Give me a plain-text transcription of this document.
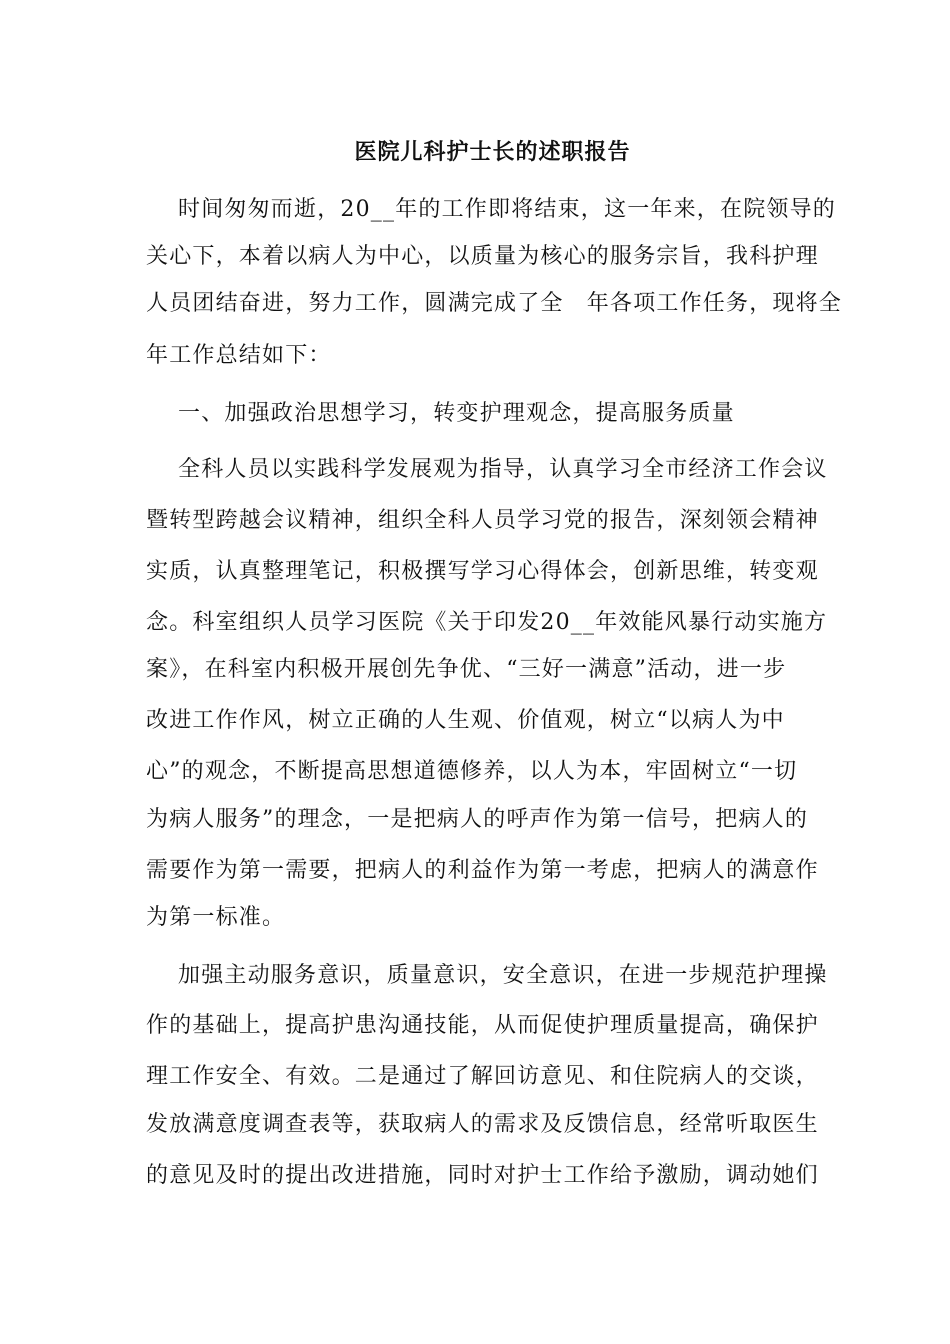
医院儿科护士长的述职报告
时间匆匆而逝，20__年的工作即将结束，这一年来，在院领导的
关心下，本着以病人为中心，以质量为核心的服务宗旨，我科护理
人员团结奋进，努力工作，圆满完成了全　年各项工作任务，现将全
年工作总结如下：
一、加强政治思想学习，转变护理观念，提高服务质量
全科人员以实践科学发展观为指导，认真学习全市经济工作会议
暨转型跨越会议精神，组织全科人员学习党的报告，深刻领会精神
实质，认真整理笔记，积极撰写学习心得体会，创新思维，转变观
念。科室组织人员学习医院《关于印发20__年效能风暴行动实施方
案》，在科室内积极开展创先争优、“三好一满意”活动，进一步
改进工作作风，树立正确的人生观、价值观，树立“以病人为中
心”的观念，不断提高思想道德修养，以人为本，牢固树立“一切
为病人服务”的理念，一是把病人的呼声作为第一信号，把病人的
需要作为第一需要，把病人的利益作为第一考虑，把病人的满意作
为第一标准。
加强主动服务意识，质量意识，安全意识，在进一步规范护理操
作的基础上，提高护患沟通技能，从而促使护理质量提高，确保护
理工作安全、有效。二是通过了解回访意见、和住院病人的交谈，
发放满意度调查表等，获取病人的需求及反馈信息，经常听取医生
的意见及时的提出改进措施，同时对护士工作给予激励，调动她们
